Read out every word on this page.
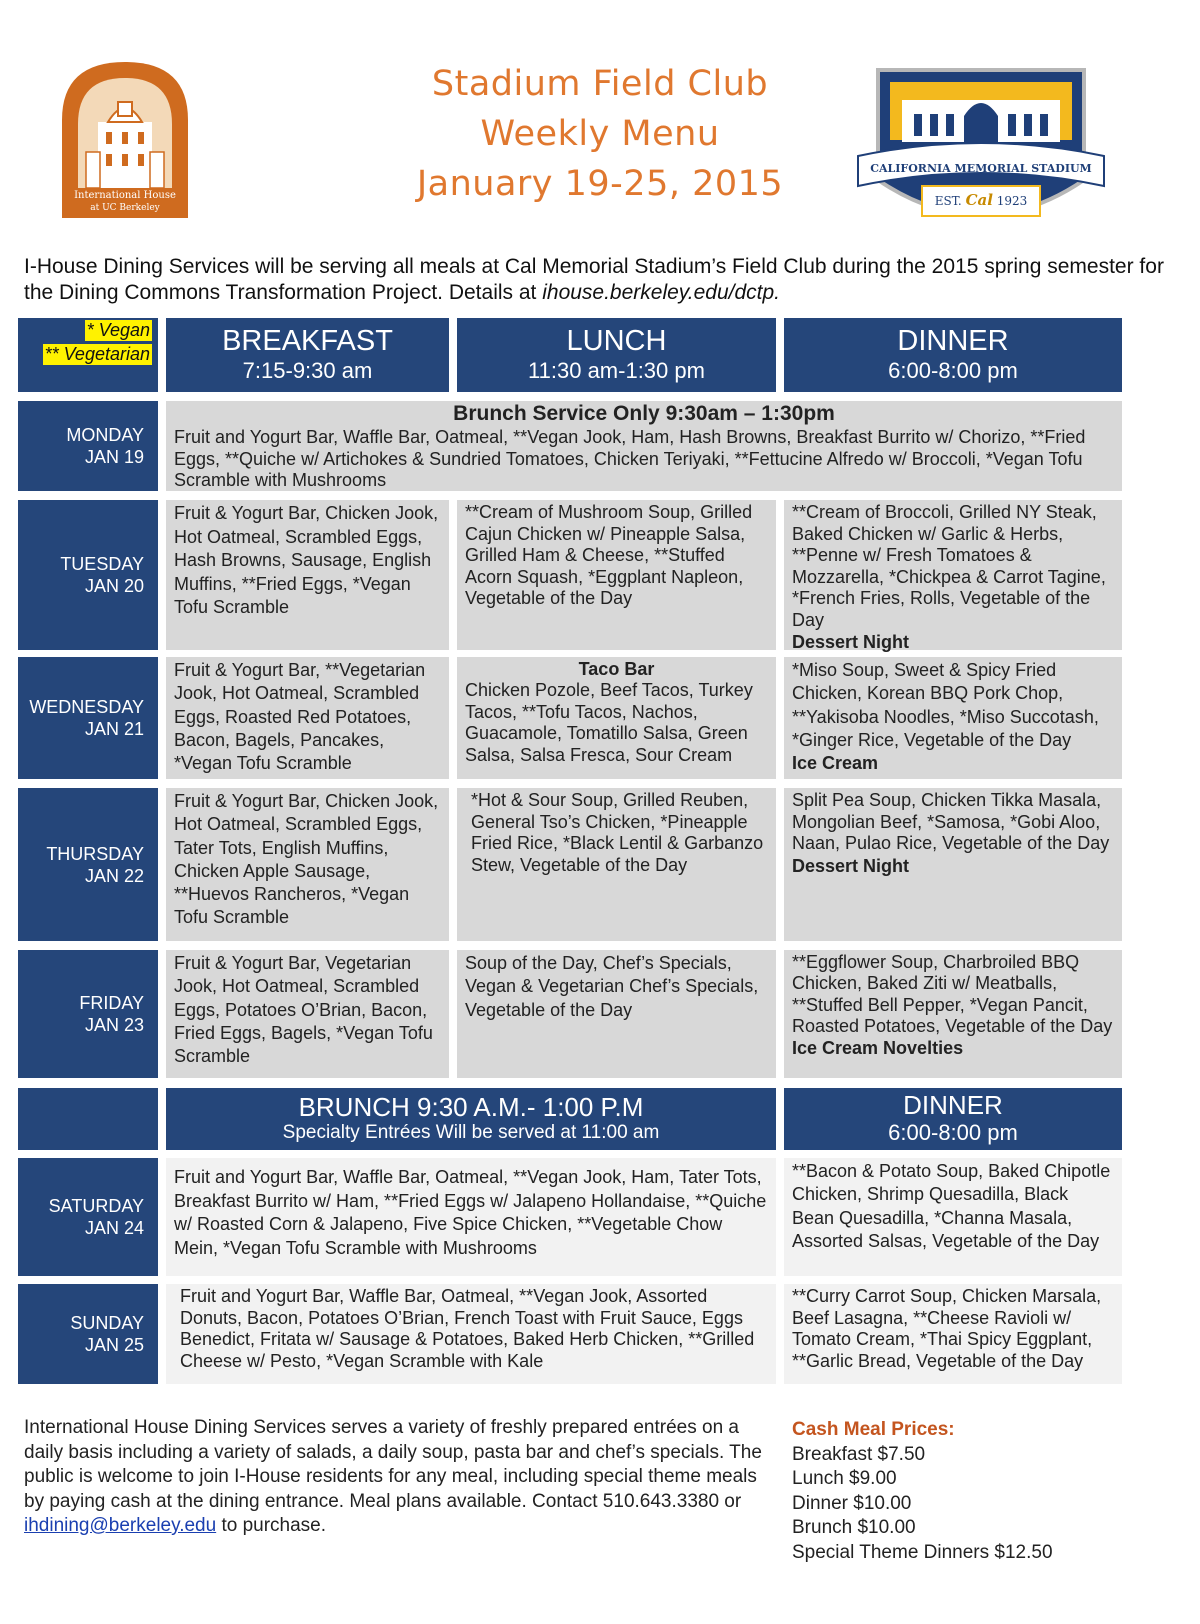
International House
at UC Berkeley
Stadium Field Club
Weekly Menu
January 19-25, 2015	CALIFORNIA MEMORIAL STADIUM
EST. Cal 1923
I-House Dining Services will be serving all meals at Cal Memorial Stadium’s Field Club during the 2015 spring semester for the Dining Commons Transformation Project. Details at ihouse.berkeley.edu/dctp.
* Vegan
** Vegetarian	BREAKFAST
7:15-9:30 am
LUNCH
11:30 am-1:30 pm
DINNER
6:00-8:00 pm
MONDAY
JAN 19
Brunch Service Only 9:30am – 1:30pm
Fruit and Yogurt Bar, Waffle Bar, Oatmeal, **Vegan Jook, Ham, Hash Browns, Breakfast Burrito w/ Chorizo, **Fried Eggs, **Quiche w/ Artichokes & Sundried Tomatoes, Chicken Teriyaki, **Fettucine Alfredo w/ Broccoli, *Vegan Tofu Scramble with Mushrooms
TUESDAY
JAN 20
Fruit & Yogurt Bar, Chicken Jook, Hot Oatmeal, Scrambled Eggs, Hash Browns, Sausage, English Muffins, **Fried Eggs, *Vegan Tofu Scramble
**Cream of Mushroom Soup, Grilled Cajun Chicken w/ Pineapple Salsa, Grilled Ham & Cheese, **Stuffed Acorn Squash, *Eggplant Napleon, Vegetable of the Day
**Cream of Broccoli, Grilled NY Steak, Baked Chicken w/ Garlic & Herbs, **Penne w/ Fresh Tomatoes & Mozzarella, *Chickpea & Carrot Tagine, *French Fries, Rolls, Vegetable of the Day
Dessert Night
WEDNESDAY
JAN 21
Fruit & Yogurt Bar, **Vegetarian Jook, Hot Oatmeal, Scrambled Eggs, Roasted Red Potatoes, Bacon, Bagels, Pancakes, *Vegan Tofu Scramble
Taco Bar
Chicken Pozole, Beef Tacos, Turkey Tacos, **Tofu Tacos, Nachos, Guacamole, Tomatillo Salsa, Green Salsa, Salsa Fresca, Sour Cream
*Miso Soup, Sweet & Spicy Fried Chicken, Korean BBQ Pork Chop, **Yakisoba Noodles, *Miso Succotash, *Ginger Rice, Vegetable of the Day
Ice Cream
THURSDAY
JAN 22
Fruit & Yogurt Bar, Chicken Jook, Hot Oatmeal, Scrambled Eggs, Tater Tots, English Muffins, Chicken Apple Sausage, **Huevos Rancheros, *Vegan Tofu Scramble
*Hot & Sour Soup, Grilled Reuben, General Tso’s Chicken, *Pineapple Fried Rice, *Black Lentil & Garbanzo Stew, Vegetable of the Day
Split Pea Soup, Chicken Tikka Masala, Mongolian Beef, *Samosa, *Gobi Aloo, Naan, Pulao Rice, Vegetable of the Day
Dessert Night
FRIDAY
JAN 23
Fruit & Yogurt Bar, Vegetarian Jook, Hot Oatmeal, Scrambled Eggs, Potatoes O’Brian, Bacon, Fried Eggs, Bagels, *Vegan Tofu Scramble
Soup of the Day, Chef’s Specials, Vegan & Vegetarian Chef’s Specials, Vegetable of the Day
**Eggflower Soup, Charbroiled BBQ Chicken, Baked Ziti w/ Meatballs, **Stuffed Bell Pepper, *Vegan Pancit, Roasted Potatoes, Vegetable of the Day
Ice Cream Novelties
BRUNCH 9:30 A.M.- 1:00 P.M
Specialty Entrées Will be served at 11:00 am
DINNER
6:00-8:00 pm
SATURDAY
JAN 24
Fruit and Yogurt Bar, Waffle Bar, Oatmeal, **Vegan Jook, Ham, Tater Tots, Breakfast Burrito w/ Ham, **Fried Eggs w/ Jalapeno Hollandaise, **Quiche w/ Roasted Corn & Jalapeno, Five Spice Chicken, **Vegetable Chow Mein, *Vegan Tofu Scramble with Mushrooms
**Bacon & Potato Soup, Baked Chipotle Chicken, Shrimp Quesadilla, Black Bean Quesadilla, *Channa Masala, Assorted Salsas, Vegetable of the Day
SUNDAY
JAN 25
Fruit and Yogurt Bar, Waffle Bar, Oatmeal, **Vegan Jook, Assorted Donuts, Bacon, Potatoes O’Brian, French Toast with Fruit Sauce, Eggs Benedict, Fritata w/ Sausage & Potatoes, Baked Herb Chicken, **Grilled Cheese w/ Pesto, *Vegan Scramble with Kale
**Curry Carrot Soup, Chicken Marsala, Beef Lasagna, **Cheese Ravioli w/ Tomato Cream, *Thai Spicy Eggplant, **Garlic Bread, Vegetable of the Day
International House Dining Services serves a variety of freshly prepared entrées on a daily basis including a variety of salads, a daily soup, pasta bar and chef’s specials. The public is welcome to join I-House residents for any meal, including special theme meals by paying cash at the dining entrance. Meal plans available. Contact 510.643.3380 or ihdining@berkeley.edu to purchase.
Cash Meal Prices:
Breakfast $7.50
Lunch $9.00
Dinner $10.00
Brunch $10.00
Special Theme Dinners $12.50
